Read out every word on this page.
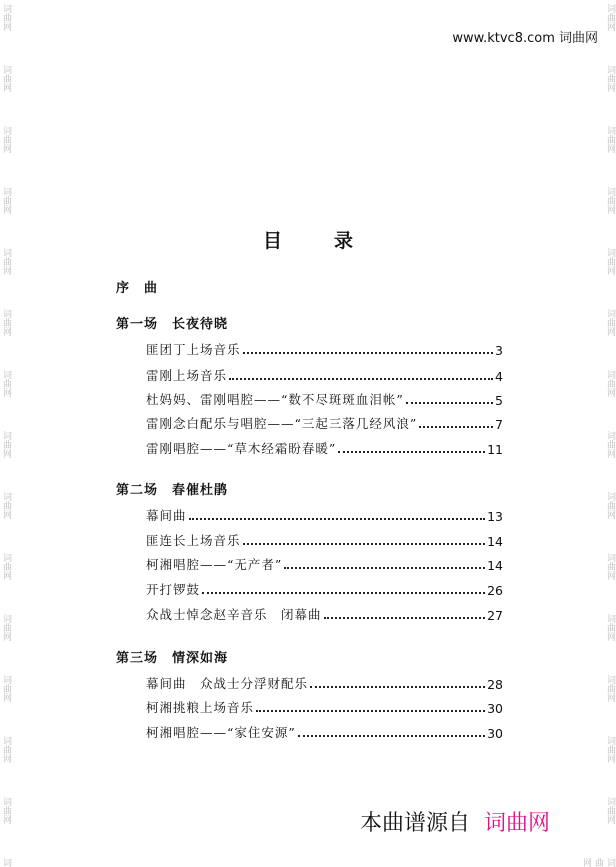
词曲网
词曲网
词曲网
词曲网
词曲网
词曲网
词曲网
词曲网
词曲网
词曲网
词曲网
词曲网
词曲网
词曲网
词
词曲网
词曲网
词曲网
词曲网
词曲网
词曲网
词曲网
词曲网
词曲网
词曲网
词曲网
词曲网
词曲网
词曲网
词曲网
www.ktvc8.com 词曲网
目录
序　曲
第一场　长夜待晓
匪团丁上场音乐	3
雷刚上场音乐	4
杜妈妈、雷刚唱腔——“数不尽斑斑血泪帐”	5
雷刚念白配乐与唱腔——“三起三落几经风浪”	7
雷刚唱腔——“草木经霜盼春暖”	11
第二场　春催杜鹃
幕间曲	13
匪连长上场音乐	14
柯湘唱腔——“无产者”	14
开打锣鼓	26
众战士悼念赵辛音乐　闭幕曲	27
第三场　情深如海
幕间曲　众战士分浮财配乐	28
柯湘挑粮上场音乐	30
柯湘唱腔——“家住安源”	30
本曲谱源自 词曲网
